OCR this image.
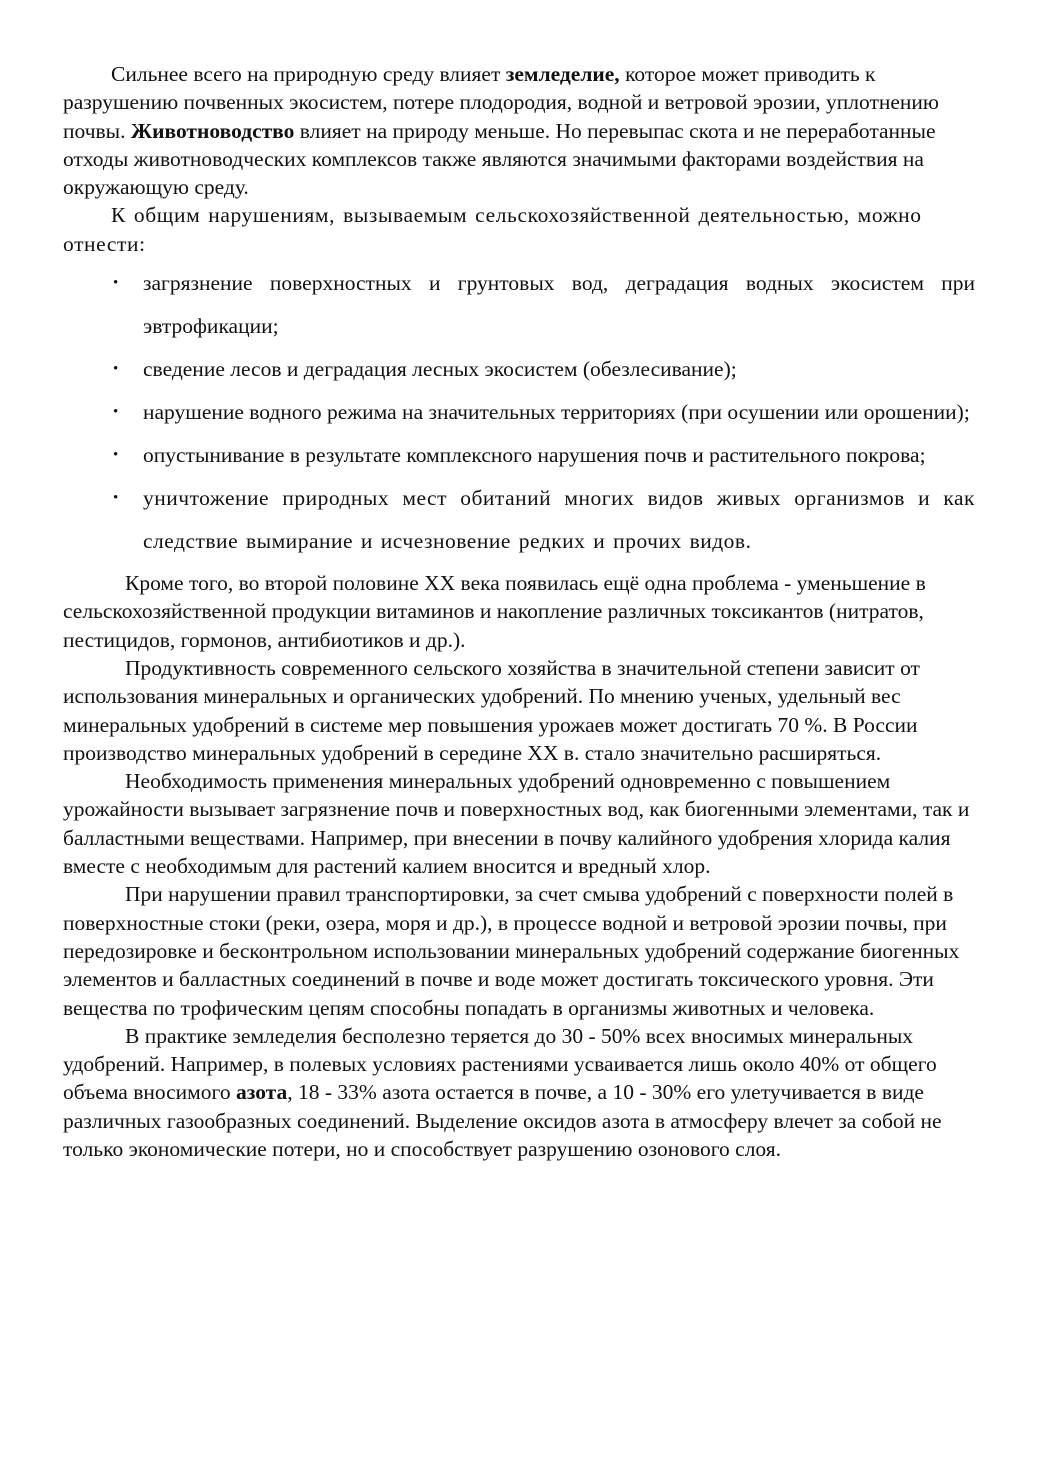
Сильнее всего на природную среду влияет земледелие, которое может приводить к разрушению почвенных экосистем, потере плодородия, водной и ветровой эрозии, уплотнению почвы. Животноводство влияет на природу меньше. Но перевыпас скота и не переработанные отходы животноводческих комплексов также являются значимыми факторами воздействия на окружающую среду.

К общим нарушениям, вызываемым сельскохозяйственной деятельностью, можно отнести:

• загрязнение поверхностных и грунтовых вод, деградация водных экосистем при эвтрофикации;
• сведение лесов и деградация лесных экосистем (обезлесивание);
• нарушение водного режима на значительных территориях (при осушении или орошении);
• опустынивание в результате комплексного нарушения почв и растительного покрова;
• уничтожение природных мест обитаний многих видов живых организмов и как следствие вымирание и исчезновение редких и прочих видов.

Кроме того, во второй половине XX века появилась ещё одна проблема - уменьшение в сельскохозяйственной продукции витаминов и накопление различных токсикантов (нитратов, пестицидов, гормонов, антибиотиков и др.).

Продуктивность современного сельского хозяйства в значительной степени зависит от использования минеральных и органических удобрений. По мнению ученых, удельный вес минеральных удобрений в системе мер повышения урожаев может достигать 70 %. В России производство минеральных удобрений в середине XX в. стало значительно расширяться.

Необходимость применения минеральных удобрений одновременно с повышением урожайности вызывает загрязнение почв и поверхностных вод, как биогенными элементами, так и балластными веществами. Например, при внесении в почву калийного удобрения хлорида калия вместе с необходимым для растений калием вносится и вредный хлор.

При нарушении правил транспортировки, за счет смыва удобрений с поверхности полей в поверхностные стоки (реки, озера, моря и др.), в процессе водной и ветровой эрозии почвы, при передозировке и бесконтрольном использовании минеральных удобрений содержание биогенных элементов и балластных соединений в почве и воде может достигать токсического уровня. Эти вещества по трофическим цепям способны попадать в организмы животных и человека.

В практике земледелия бесполезно теряется до 30 - 50% всех вносимых минеральных удобрений. Например, в полевых условиях растениями усваивается лишь около 40% от общего объема вносимого азота, 18 - 33% азота остается в почве, а 10 - 30% его улетучивается в виде различных газообразных соединений. Выделение оксидов азота в атмосферу влечет за собой не только экономические потери, но и способствует разрушению озонового слоя.
